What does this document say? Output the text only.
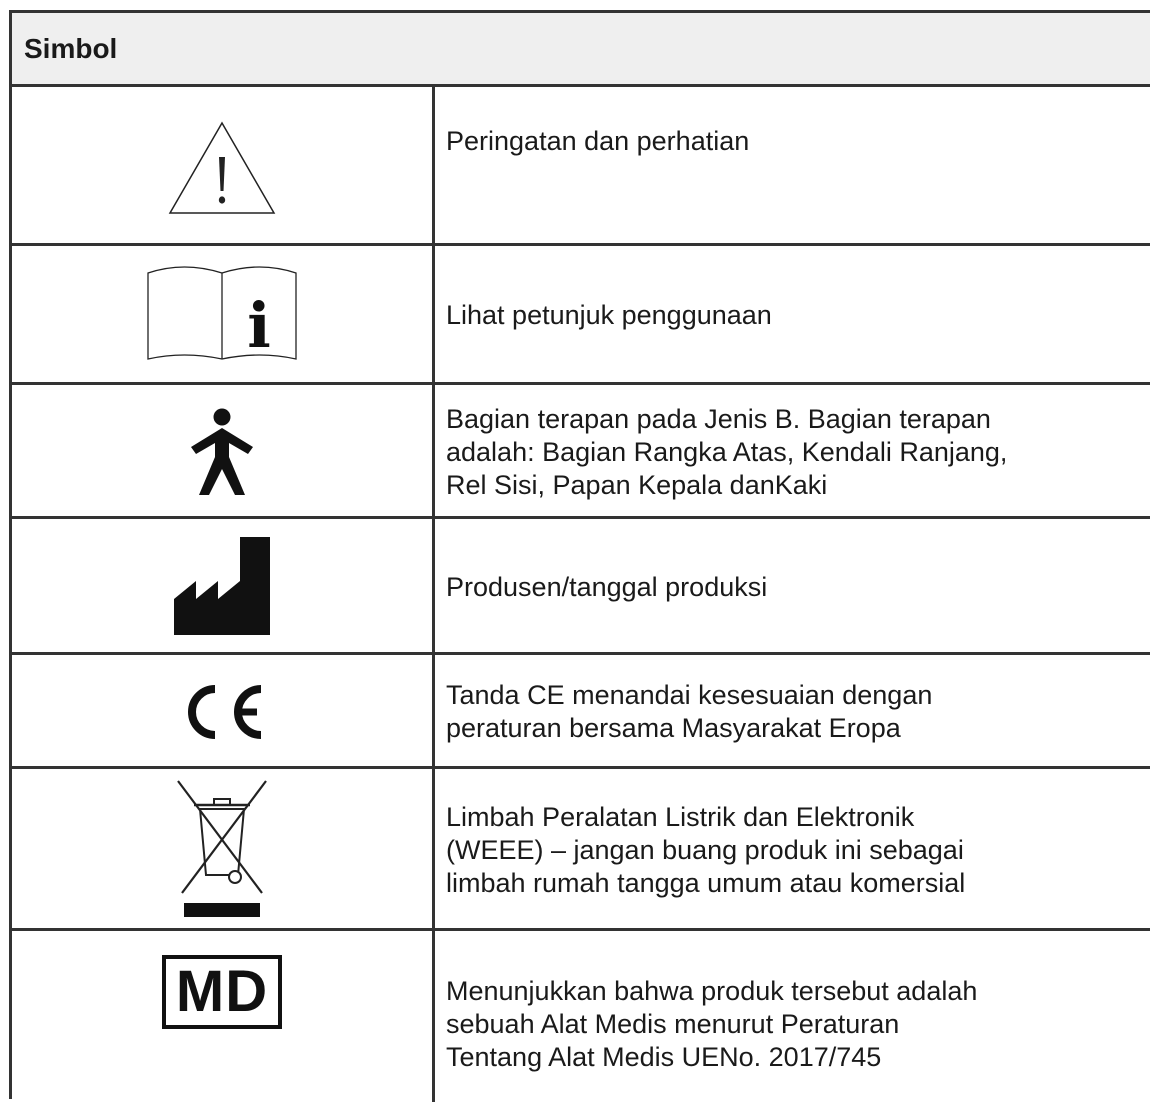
Simbol
Peringatan dan perhatian
i	Lihat petunjuk penggunaan
Bagian terapan pada Jenis B. Bagian terapan
adalah: Bagian Rangka Atas, Kendali Ranjang,
Rel Sisi, Papan Kepala danKaki
Produsen/tanggal produksi
Tanda CE menandai kesesuaian dengan
peraturan bersama Masyarakat Eropa
Limbah Peralatan Listrik dan Elektronik
(WEEE) – jangan buang produk ini sebagai
limbah rumah tangga umum atau komersial
MD	Menunjukkan bahwa produk tersebut adalah
sebuah Alat Medis menurut Peraturan
Tentang Alat Medis UENo. 2017/745
